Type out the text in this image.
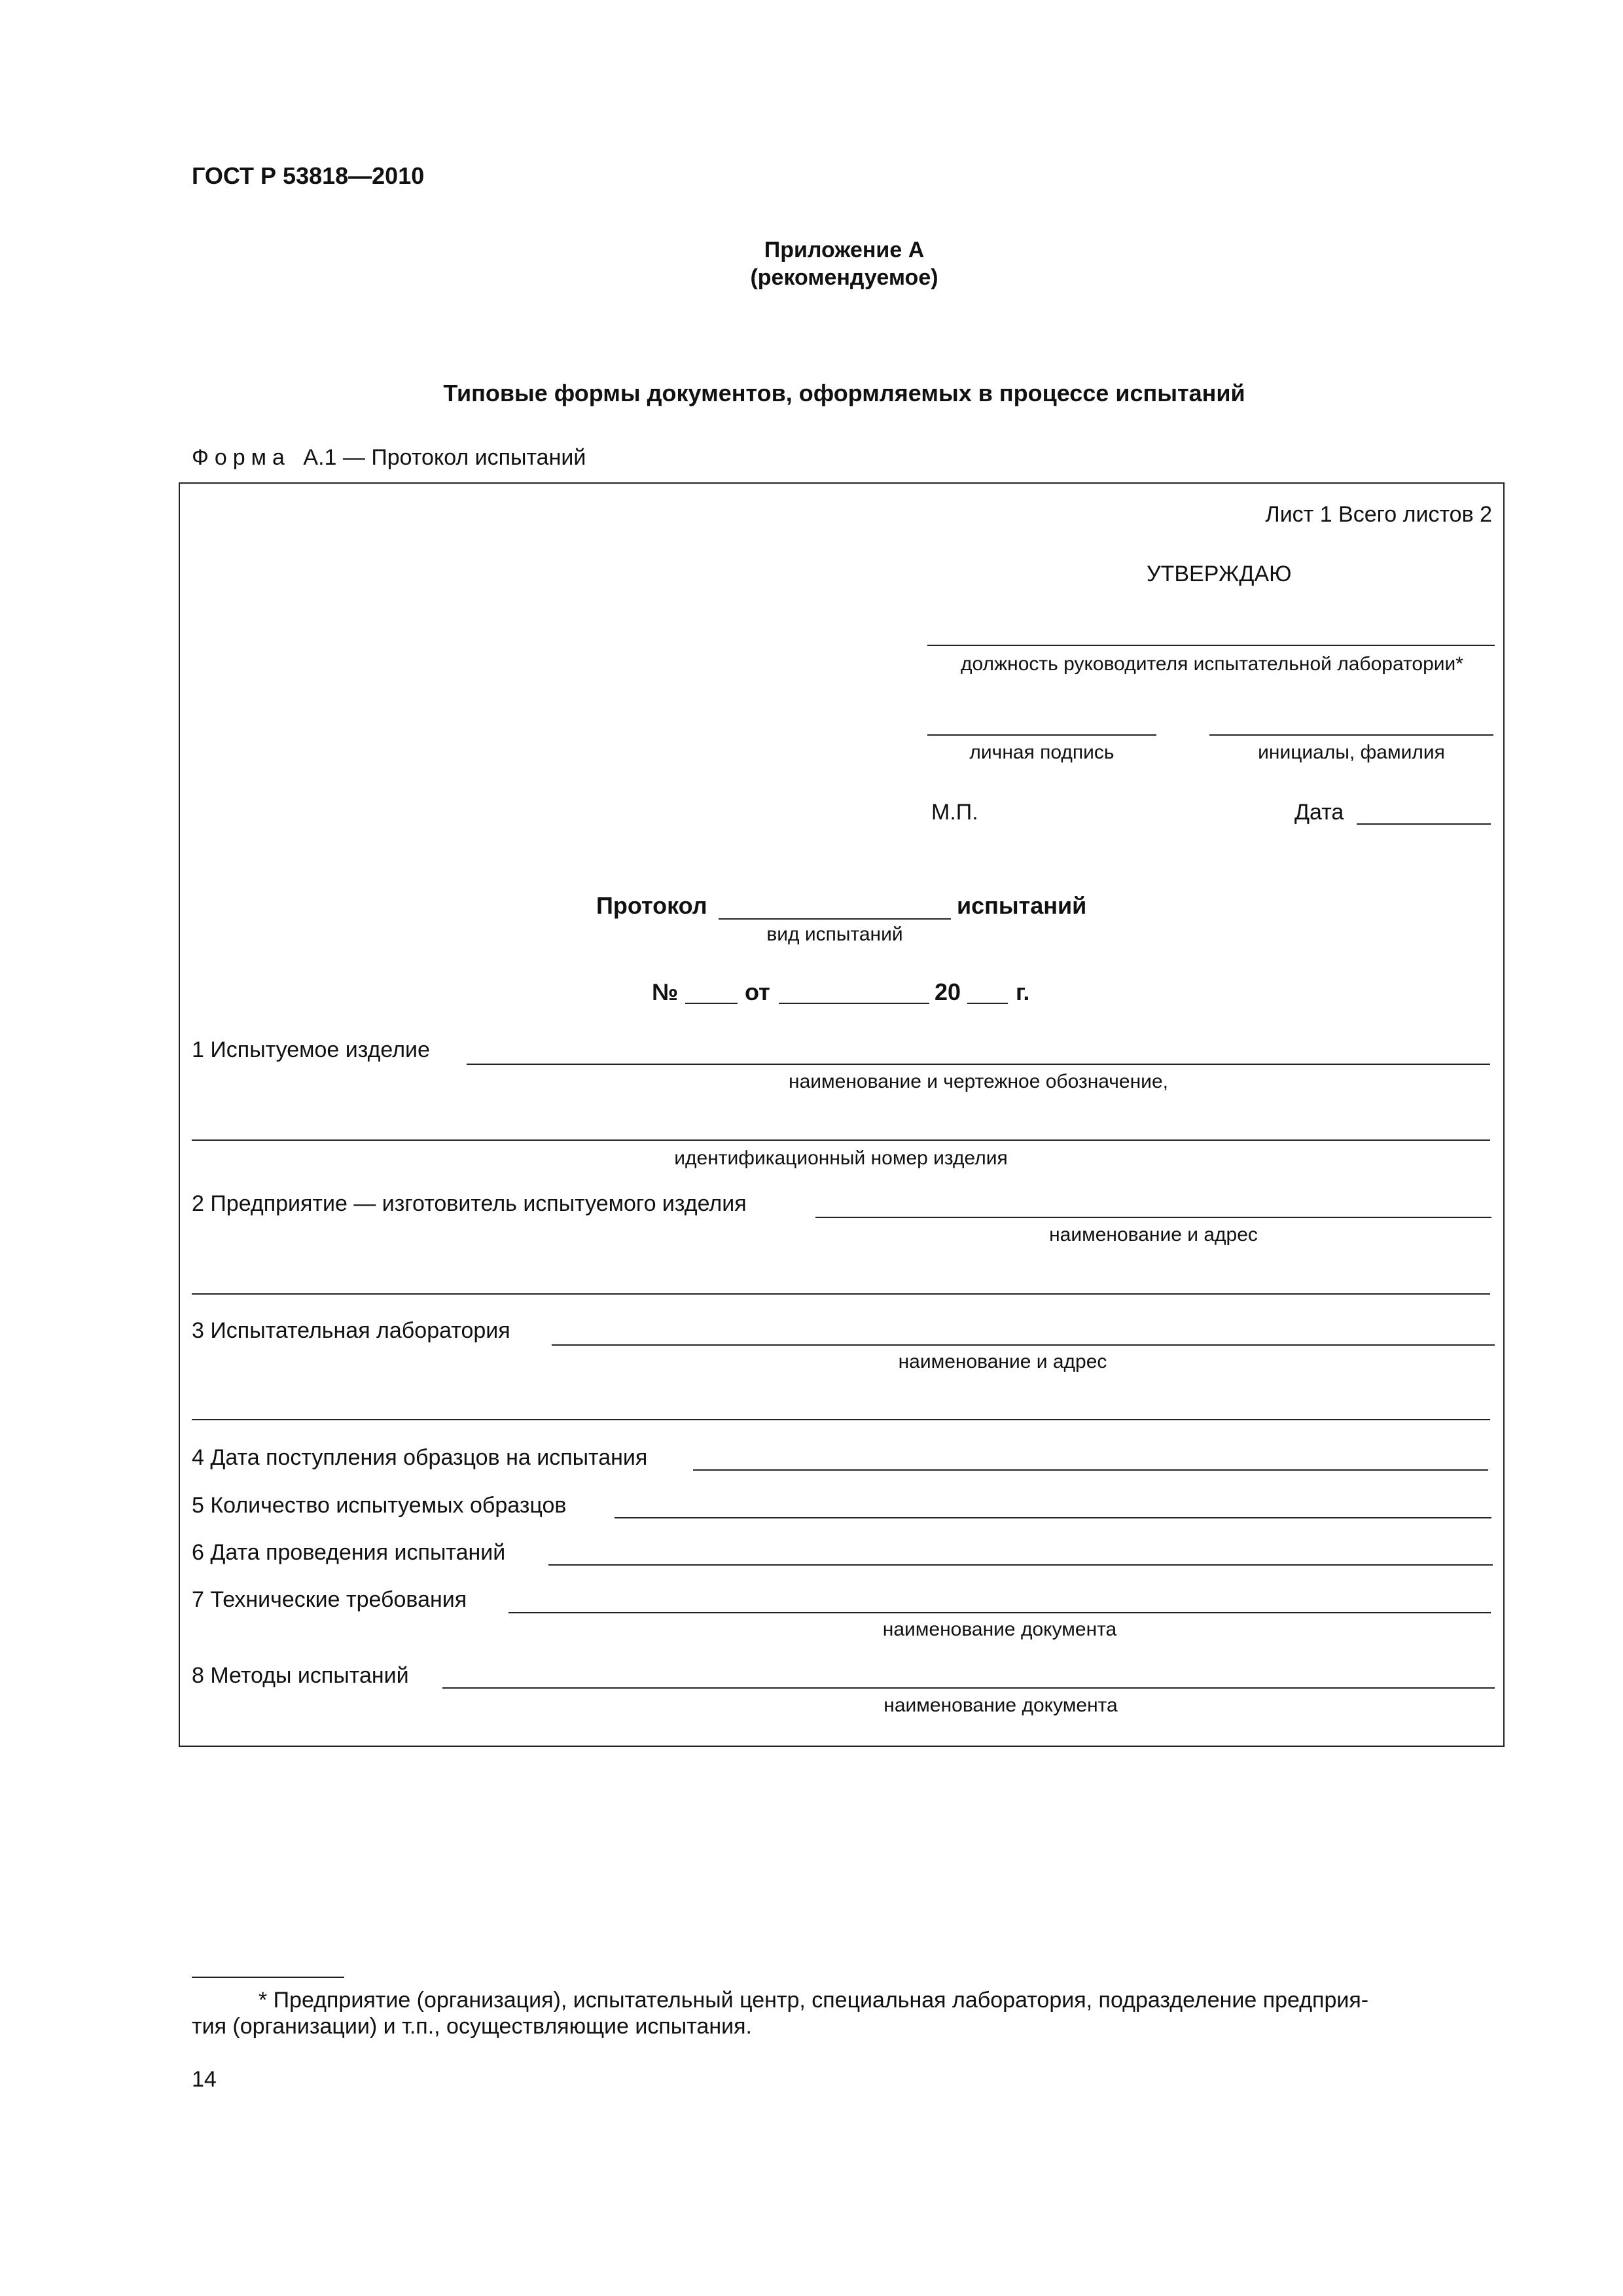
ГОСТ Р 53818—2010
Приложение А
(рекомендуемое)
Типовые формы документов, оформляемых в процессе испытаний
Форма А.1 — Протокол испытаний
Лист 1 Всего листов 2
УТВЕРЖДАЮ
должность руководителя испытательной лаборатории*
личная подпись	инициалы, фамилия
М.П.	Дата
Протокол	испытаний
вид испытаний
№	от	20 г.
1 Испытуемое изделие
наименование и чертежное обозначение,
идентификационный номер изделия
2 Предприятие — изготовитель испытуемого изделия
наименование и адрес
3 Испытательная лаборатория
наименование и адрес
4 Дата поступления образцов на испытания
5 Количество испытуемых образцов
6 Дата проведения испытаний
7 Технические требования
наименование документа
8 Методы испытаний
наименование документа
* Предприятие (организация), испытательный центр, специальная лаборатория, подразделение предприя-
тия (организации) и т.п., осуществляющие испытания.
14
